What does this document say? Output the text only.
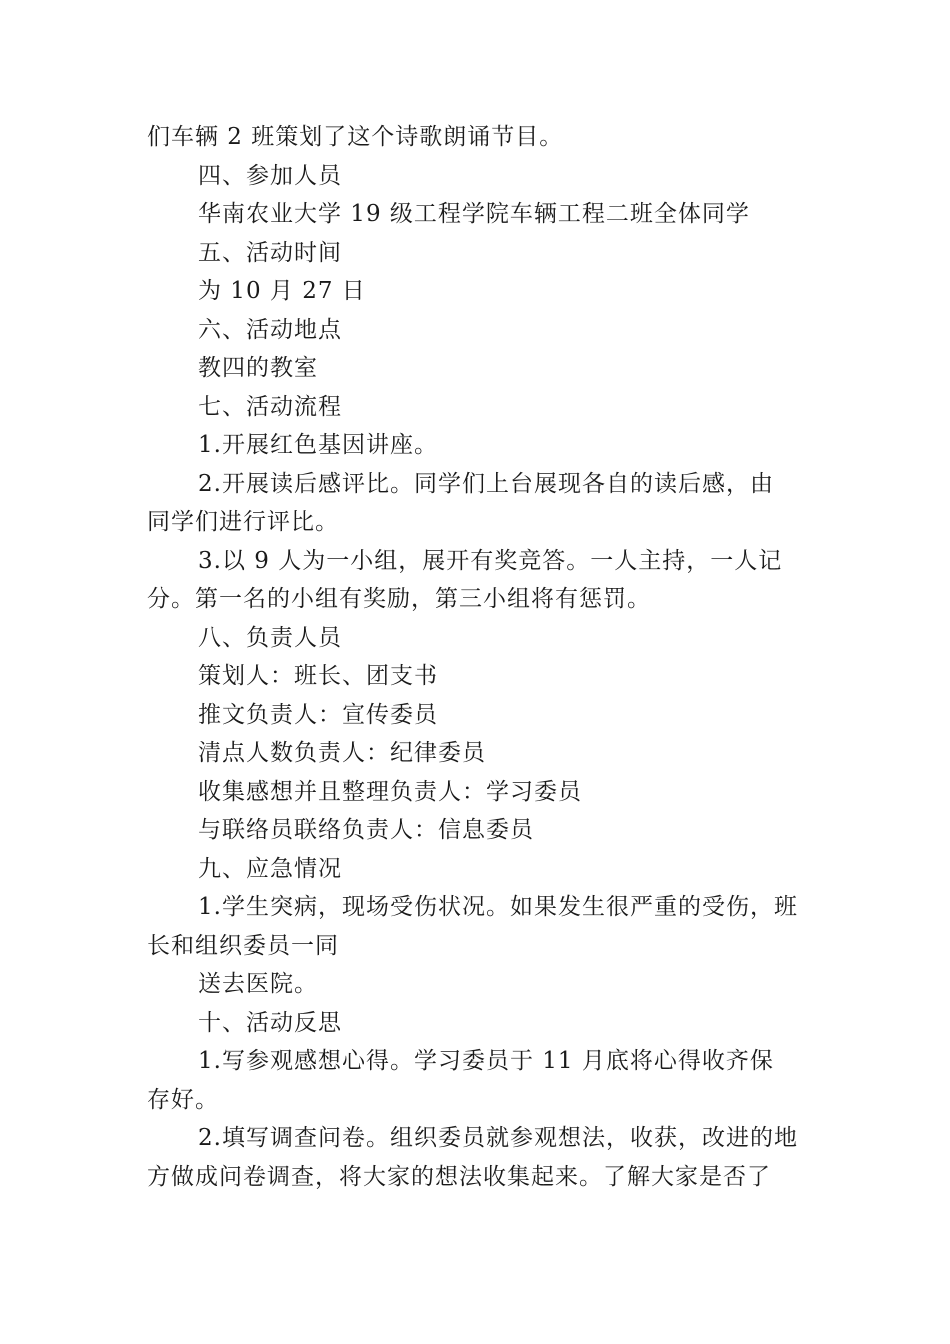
们车辆 2 班策划了这个诗歌朗诵节目。
四、参加人员
华南农业大学 19 级工程学院车辆工程二班全体同学
五、活动时间
为 10 月 27 日
六、活动地点
教四的教室
七、活动流程
1.开展红色基因讲座。
2.开展读后感评比。同学们上台展现各自的读后感，由
同学们进行评比。
3.以 9 人为一小组，展开有奖竞答。一人主持，一人记
分。第一名的小组有奖励，第三小组将有惩罚。
八、负责人员
策划人：班长、团支书
推文负责人：宣传委员
清点人数负责人：纪律委员
收集感想并且整理负责人：学习委员
与联络员联络负责人：信息委员
九、应急情况
1.学生突病，现场受伤状况。如果发生很严重的受伤，班
长和组织委员一同
送去医院。
十、活动反思
1.写参观感想心得。学习委员于 11 月底将心得收齐保
存好。
2.填写调查问卷。组织委员就参观想法，收获，改进的地
方做成问卷调查，将大家的想法收集起来。了解大家是否了
